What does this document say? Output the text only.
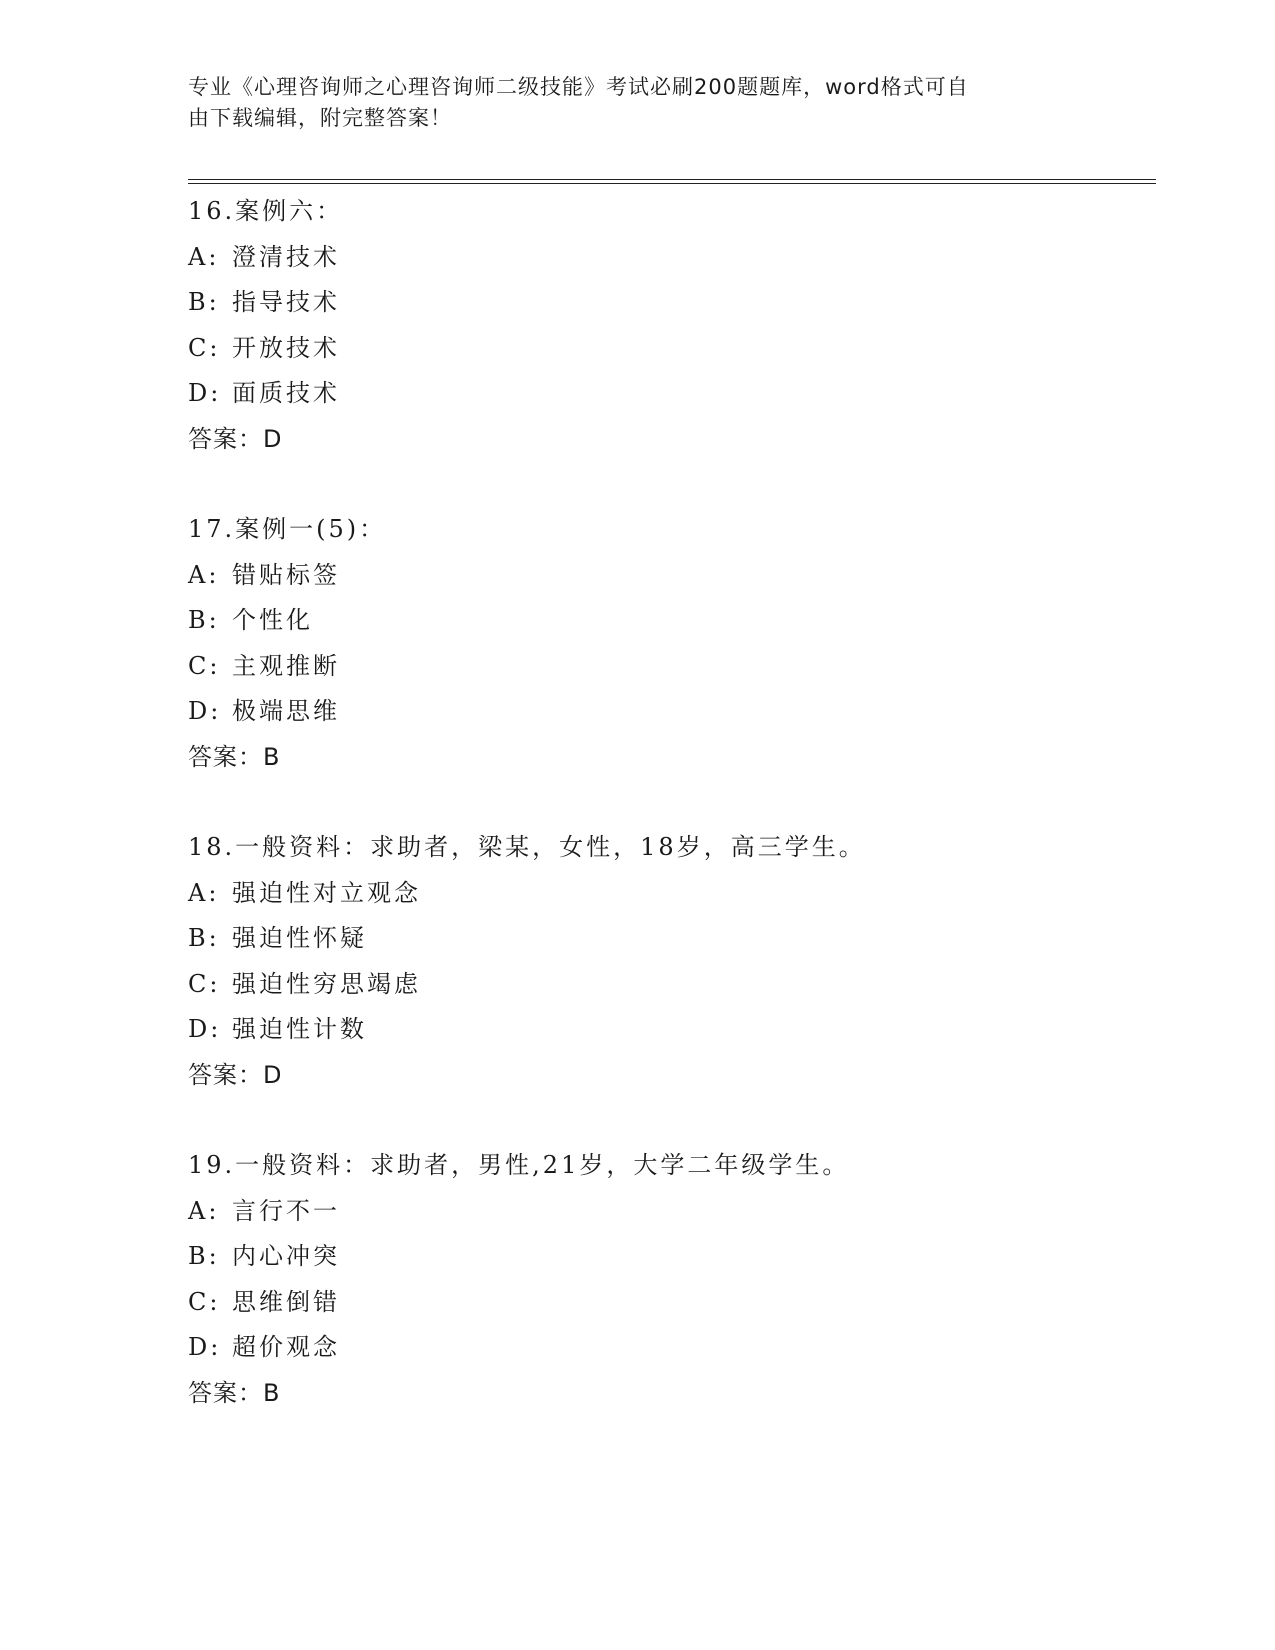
专业《心理咨询师之心理咨询师二级技能》考试必刷200题题库，word格式可自
由下载编辑，附完整答案！
16.案例六：
A: 澄清技术
B: 指导技术
C: 开放技术
D: 面质技术
答案：D
17.案例一(5)：
A: 错贴标签
B: 个性化
C: 主观推断
D: 极端思维
答案：B
18.一般资料：求助者，梁某，女性，18岁，高三学生。
A: 强迫性对立观念
B: 强迫性怀疑
C: 强迫性穷思竭虑
D: 强迫性计数
答案：D
19.一般资料：求助者，男性,21岁，大学二年级学生。
A: 言行不一
B: 内心冲突
C: 思维倒错
D: 超价观念
答案：B
